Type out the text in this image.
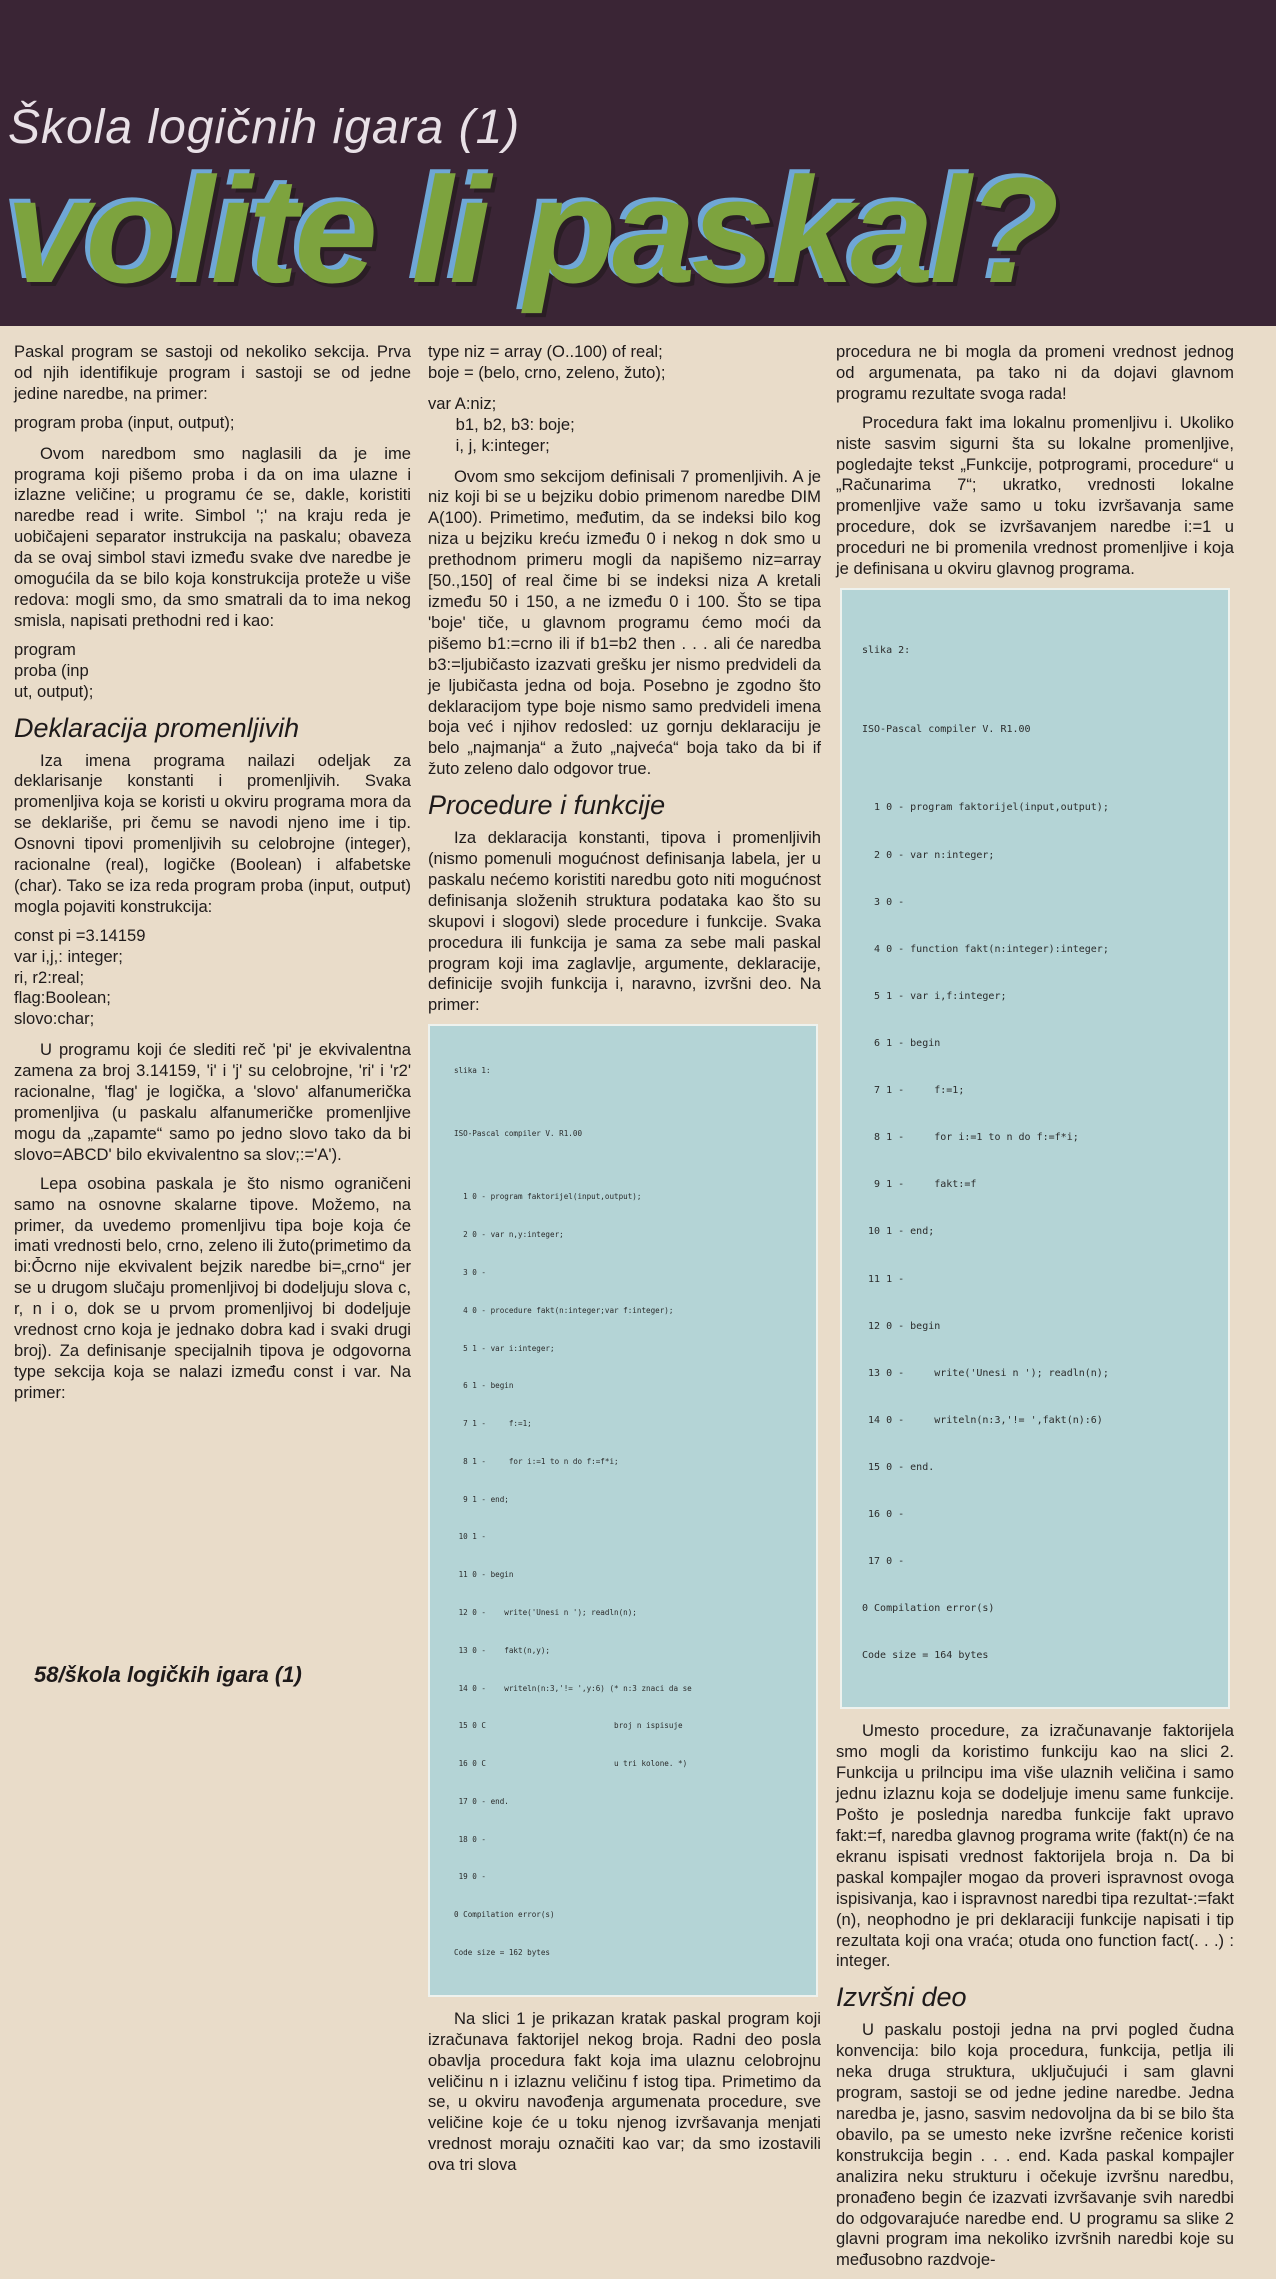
Škola logičnih igara (1)
volite li paskal?

Paskal program se sastoji od nekoliko sekcija. Prva od njih identifikuje program i sastoji se od jedne jedine naredbe, na primer:

program proba (input, output);

Ovom naredbom smo naglasili da je ime programa koji pišemo proba i da on ima ulazne i izlazne veličine; u programu će se, dakle, koristiti naredbe read i write. Simbol ';' na kraju reda je uobičajeni separator instrukcija na paskalu; obaveza da se ovaj simbol stavi između svake dve naredbe je omogućila da se bilo koja konstrukcija proteže u više redova: mogli smo, da smo smatrali da to ima nekog smisla, napisati prethodni red i kao:

program
proba (inp
ut, output);
Deklaracija promenljivih

Iza imena programa nailazi odeljak za deklarisanje konstanti i promenljivih. Svaka promenljiva koja se koristi u okviru programa mora da se deklariše, pri čemu se navodi njeno ime i tip. Osnovni tipovi promenljivih su celobrojne (integer), racionalne (real), logičke (Boolean) i alfabetske (char). Tako se iza reda program proba (input, output) mogla pojaviti konstrukcija:

const pi =3.14159
var i,j,: integer;
ri, r2:real;
flag:Boolean;
slovo:char;

U programu koji će slediti reč 'pi' je ekvivalentna zamena za broj 3.14159, 'i' i 'j' su celobrojne, 'ri' i 'r2' racionalne, 'flag' je logička, a 'slovo' alfanumerička promenljiva (u paskalu alfanumeričke promenljive mogu da „zapamte“ samo po jedno slovo tako da bi slovo=ABCD' bilo ekvivalentno sa slov;:='A').

Lepa osobina paskala je što nismo ograničeni samo na osnovne skalarne tipove. Možemo, na primer, da uvedemo promenljivu tipa boje koja će imati vrednosti belo, crno, zeleno ili žuto(primetimo da bi:Ȱcrno nije ekvivalent bejzik naredbe bi=„crno“ jer se u drugom slučaju promenljivoj bi dodeljuju slova c, r, n i o, dok se u prvom promenljivoj bi dodeljuje vrednost crno koja je jednako dobra kad i svaki drugi broj). Za definisanje specijalnih tipova je odgovorna type sekcija koja se nalazi između const i var. Na primer:

type niz = array (O..100) of real;
boje = (belo, crno, zeleno, žuto);
var A:niz;
b1, b2, b3: boje;
i, j, k:integer;

Ovom smo sekcijom definisali 7 promenljivih. A je niz koji bi se u bejziku dobio primenom naredbe DIM A(100). Primetimo, međutim, da se indeksi bilo kog niza u bejziku kreću između 0 i nekog n dok smo u prethodnom primeru mogli da napišemo niz=array [50.,150] of real čime bi se indeksi niza A kretali između 50 i 150, a ne između 0 i 100. Što se tipa 'boje' tiče, u glavnom programu ćemo moći da pišemo b1:=crno ili if b1=b2 then . . . ali će naredba b3:=ljubičasto izazvati grešku jer nismo predvideli da je ljubičasta jedna od boja. Posebno je zgodno što deklaracijom type boje nismo samo predvideli imena boja već i njihov redosled: uz gornju deklaraciju je belo „najmanja“ a žuto „najveća“ boja tako da bi if žuto zeleno dalo odgovor true.

Procedure i funkcije

Iza deklaracija konstanti, tipova i promenljivih (nismo pomenuli mogućnost definisanja labela, jer u paskalu nećemo koristiti naredbu goto niti mogućnost definisanja složenih struktura podataka kao što su skupovi i slogovi) slede procedure i funkcije. Svaka procedura ili funkcija je sama za sebe mali paskal program koji ima zaglavlje, argumente, deklaracije, definicije svojih funkcija i, naravno, izvršni deo. Na primer:

slika 1:

ISO-Pascal compiler V. R1.00

1 0 - program faktorijel(input,output);

2 0 - var n,y:integer;

3 0 -

4 0 - procedure fakt(n:integer;var f:integer);

5 1 - var i:integer;

6 1 - begin

7 1 -     f:=1;

8 1 -     for i:=1 to n do f:=f*i;

9 1 - end;

10 1 -

11 0 - begin

12 0 -    write('Unesi n '); readln(n);

13 0 -    fakt(n,y);

14 0 -    writeln(n:3,'!= ',y:6) (* n:3 znaci da se

15 0 C                            broj n ispisuje

16 0 C                            u tri kolone. *)

17 0 - end.

18 0 -

19 0 -

0 Compilation error(s)

Code size = 162 bytes

Na slici 1 je prikazan kratak paskal program koji izračunava faktorijel nekog broja. Radni deo posla obavlja procedura fakt koja ima ulaznu celobrojnu veličinu n i izlaznu veličinu f istog tipa. Primetimo da se, u okviru navođenja argumenata procedure, sve veličine koje će u toku njenog izvršavanja menjati vrednost moraju označiti kao var; da smo izostavili ova tri slova

procedura ne bi mogla da promeni vrednost jednog od argumenata, pa tako ni da dojavi glavnom programu rezultate svoga rada!

Procedura fakt ima lokalnu promenljivu i. Ukoliko niste sasvim sigurni šta su lokalne promenljive, pogledajte tekst „Funkcije, potprogrami, procedure“ u „Računarima 7“; ukratko, vrednosti lokalne promenljive važe samo u toku izvršavanja same procedure, dok se izvršavanjem naredbe i:=1 u proceduri ne bi promenila vrednost promenljive i koja je definisana u okviru glavnog programa.

slika 2:

ISO-Pascal compiler V. R1.00

1 0 - program faktorijel(input,output);

2 0 - var n:integer;

3 0 -

4 0 - function fakt(n:integer):integer;

5 1 - var i,f:integer;

6 1 - begin

7 1 -     f:=1;

8 1 -     for i:=1 to n do f:=f*i;

9 1 -     fakt:=f

10 1 - end;

11 1 -

12 0 - begin

13 0 -     write('Unesi n '); readln(n);

14 0 -     writeln(n:3,'!= ',fakt(n):6)

15 0 - end.

16 0 -

17 0 -

0 Compilation error(s)

Code size = 164 bytes

Umesto procedure, za izračunavanje faktorijela smo mogli da koristimo funkciju kao na slici 2. Funkcija u prilncipu ima više ulaznih veličina i samo jednu izlaznu koja se dodeljuje imenu same funkcije. Pošto je poslednja naredba funkcije fakt upravo fakt:=f, naredba glavnog programa write (fakt(n) će na ekranu ispisati vrednost faktorijela broja n. Da bi paskal kompajler mogao da proveri ispravnost ovoga ispisivanja, kao i ispravnost naredbi tipa rezultat-:=fakt (n), neophodno je pri deklaraciji funkcije napisati i tip rezultata koji ona vraća; otuda ono function fact(. . .) : integer.

Izvršni deo

U paskalu postoji jedna na prvi pogled čudna konvencija: bilo koja procedura, funkcija, petlja ili neka druga struktura, uključujući i sam glavni program, sastoji se od jedne jedine naredbe. Jedna naredba je, jasno, sasvim nedovoljna da bi se bilo šta obavilo, pa se umesto neke izvršne rečenice koristi konstrukcija begin . . . end. Kada paskal kompajler analizira neku strukturu i očekuje izvršnu naredbu, pronađeno begin će izazvati izvršavanje svih naredbi do odgovarajuće naredbe end. U programu sa slike 2 glavni program ima nekoliko izvršnih naredbi koje su međusobno razdvoje-

58/škola logičkih igara (1)
